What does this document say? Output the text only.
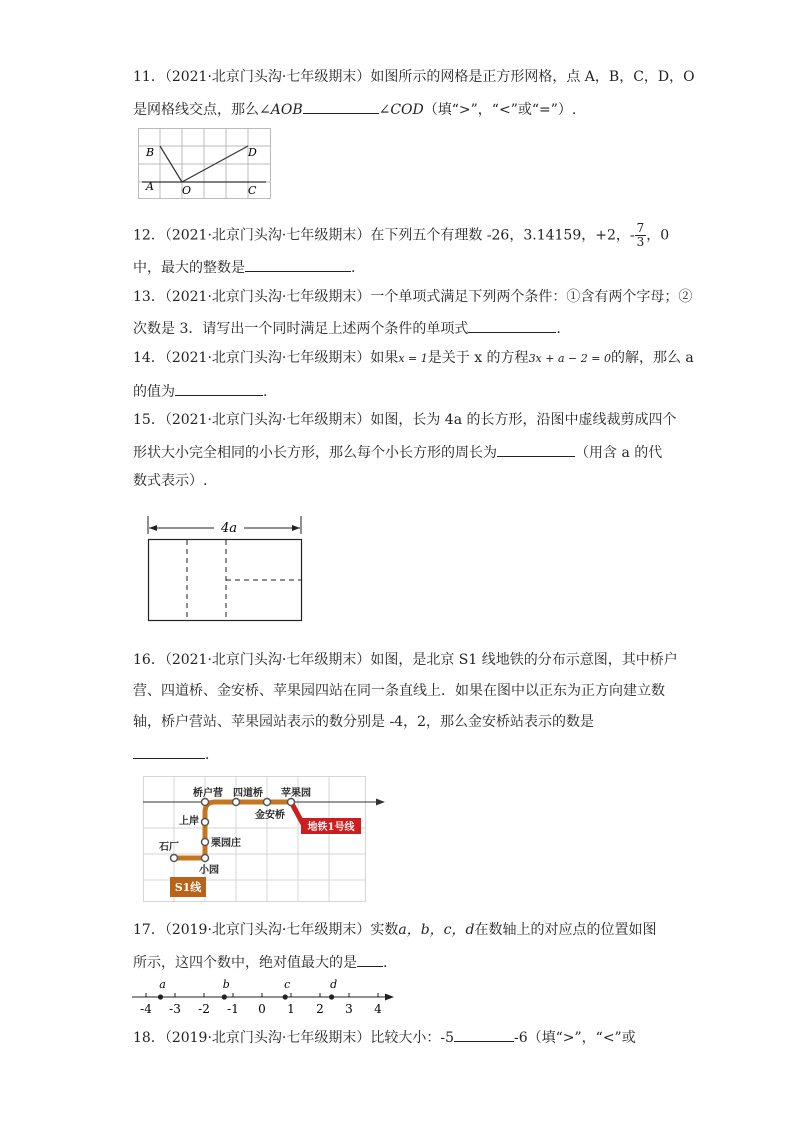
11．（2021·北京门头沟·七年级期末）如图所示的网格是正方形网格，点 A，B，C，D，O
是网格线交点，那么∠AOB	∠COD（填“>”，“<”或“=”）.
B	D
A	O	C
12．（2021·北京门头沟·七年级期末）在下列五个有理数 -26，3.14159，+2，- $\frac{7}{3}$ ，0
中，最大的整数是	.
13．（2021·北京门头沟·七年级期末）一个单项式满足下列两个条件：①含有两个字母；②
次数是 3．请写出一个同时满足上述两个条件的单项式	.
14．（2021·北京门头沟·七年级期末）如果x = 1是关于 x 的方程3x + a − 2 = 0的解，那么 a
的值为	.
15．（2021·北京门头沟·七年级期末）如图，长为 4a 的长方形，沿图中虚线裁剪成四个
形状大小完全相同的小长方形，那么每个小长方形的周长为	（用含 a 的代
数式表示）.
4a
16．（2021·北京门头沟·七年级期末）如图，是北京 S1 线地铁的分布示意图，其中桥户
营、四道桥、金安桥、苹果园四站在同一条直线上．如果在图中以正东为正方向建立数
轴，桥户营站、苹果园站表示的数分别是 -4，2，那么金安桥站表示的数是
.
桥户营 四道桥 苹果园
金安桥
上岸
栗园庄
石厂
小园
地铁1号线
S1线
17．（2019·北京门头沟·七年级期末）实数a，b，c，d在数轴上的对应点的位置如图
所示，这四个数中，绝对值最大的是 .
-4 -3 -2 -1 0 1 2 3 4
a	b	c	d
18．（2019·北京门头沟·七年级期末）比较大小：-5	-6（填“>”，“<”或
